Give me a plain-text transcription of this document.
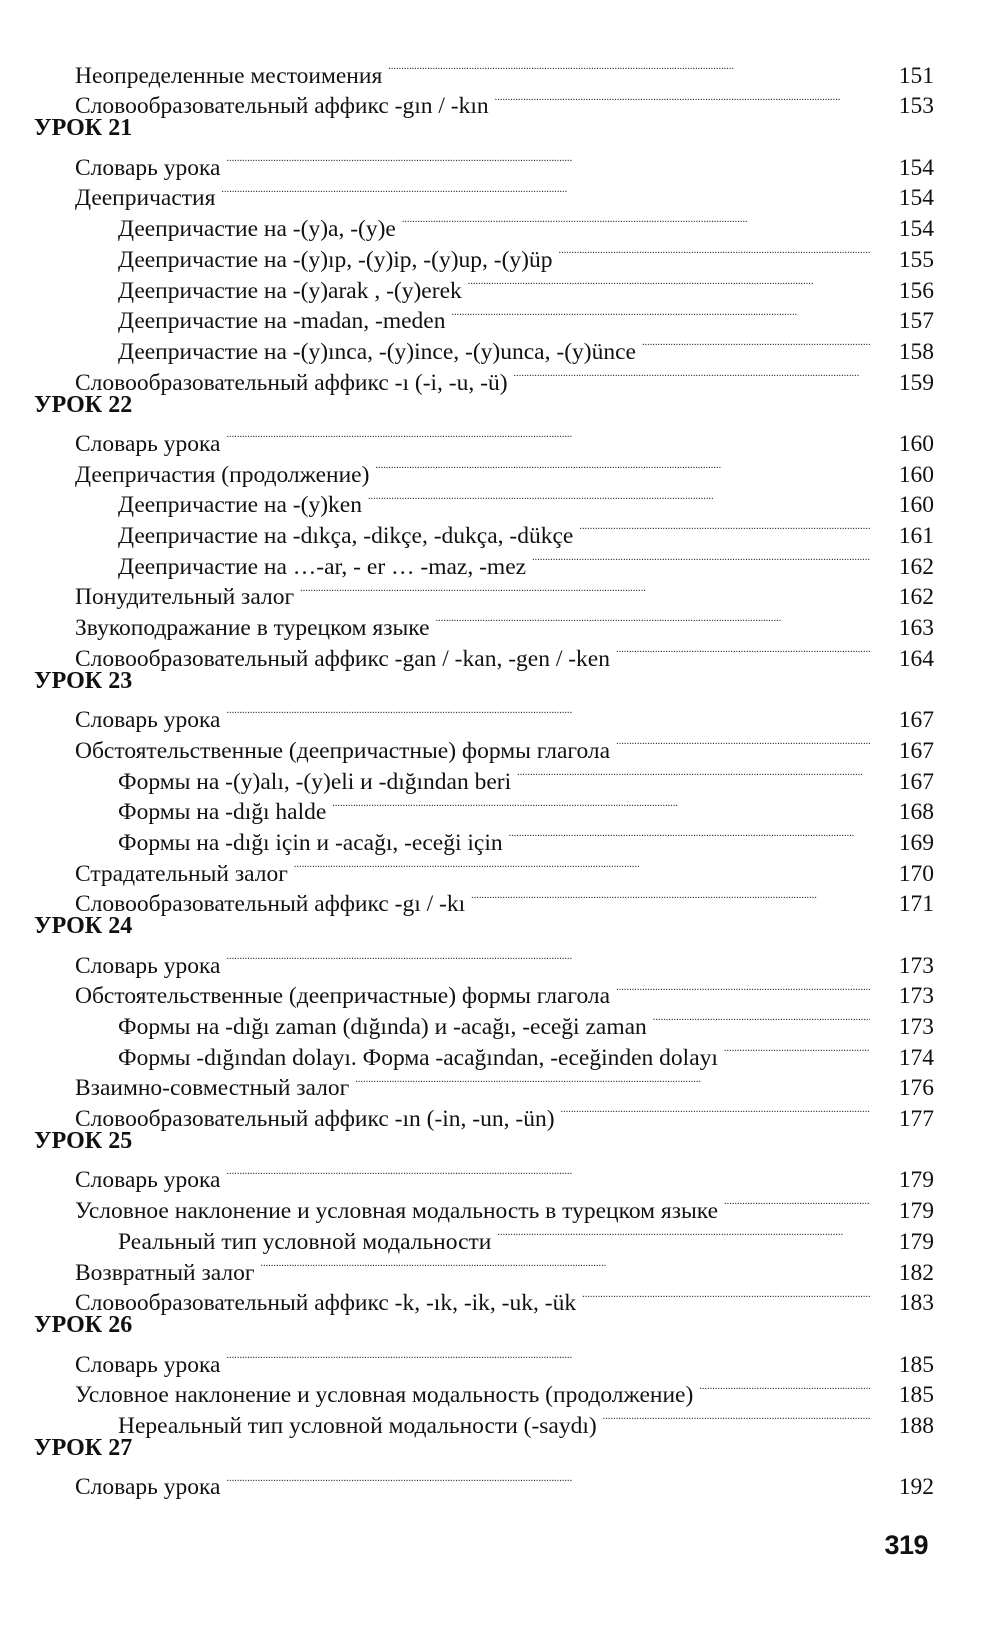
Неопределенные местоимения . . .	151
Словообразовательный аффикс -gın / -kın . . .	153
УРОК 21
Словарь урока . . .	154
Деепричастия . . .	154
Деепричастие на -(y)a, -(y)e . . .	154
Деепричастие на -(y)ıp, -(y)ip, -(y)up, -(y)üp . . .	155
Деепричастие на -(y)arak , -(y)erek . . .	156
Деепричастие на -madan, -meden . . .	157
Деепричастие на -(y)ınca, -(y)ince, -(y)unca, -(y)ünce . . .	158
Словообразовательный аффикс -ı (-i, -u, -ü) . . .	159
УРОК 22
Словарь урока . . .	160
Деепричастия (продолжение) . . .	160
Деепричастие на -(y)ken . . .	160
Деепричастие на -dıkça, -dikçe, -dukça, -dükçe . . .	161
Деепричастие на …-ar, - er … -maz, -mez . . .	162
Понудительный залог . . .	162
Звукоподражание в турецком языке . . .	163
Словообразовательный аффикс -gan / -kan, -gen / -ken . . .	164
УРОК 23
Словарь урока . . .	167
Обстоятельственные (деепричастные) формы глагола . . .	167
Формы на -(y)alı, -(y)eli и -dığından beri . . .	167
Формы на -dığı halde . . .	168
Формы на -dığı için и -acağı, -eceği için . . .	169
Страдательный залог . . .	170
Словообразовательный аффикс -gı / -kı . . .	171
УРОК 24
Словарь урока . . .	173
Обстоятельственные (деепричастные) формы глагола . . .	173
Формы на -dığı zaman (dığında) и -acağı, -eceği zaman . . .	173
Формы -dığından dolayı. Форма -acağından, -eceğinden dolayı . . .	174
Взаимно-совместный залог . . .	176
Словообразовательный аффикс -ın (-in, -un, -ün) . . .	177
УРОК 25
Словарь урока . . .	179
Условное наклонение и условная модальность в турецком языке . . .	179
Реальный тип условной модальности . . .	179
Возвратный залог . . .	182
Словообразовательный аффикс -k, -ık, -ik, -uk, -ük . . .	183
УРОК 26
Словарь урока . . .	185
Условное наклонение и условная модальность (продолжение) . . .	185
Нереальный тип условной модальности (-saydı) . . .	188
УРОК 27
Словарь урока . . .	192
319
